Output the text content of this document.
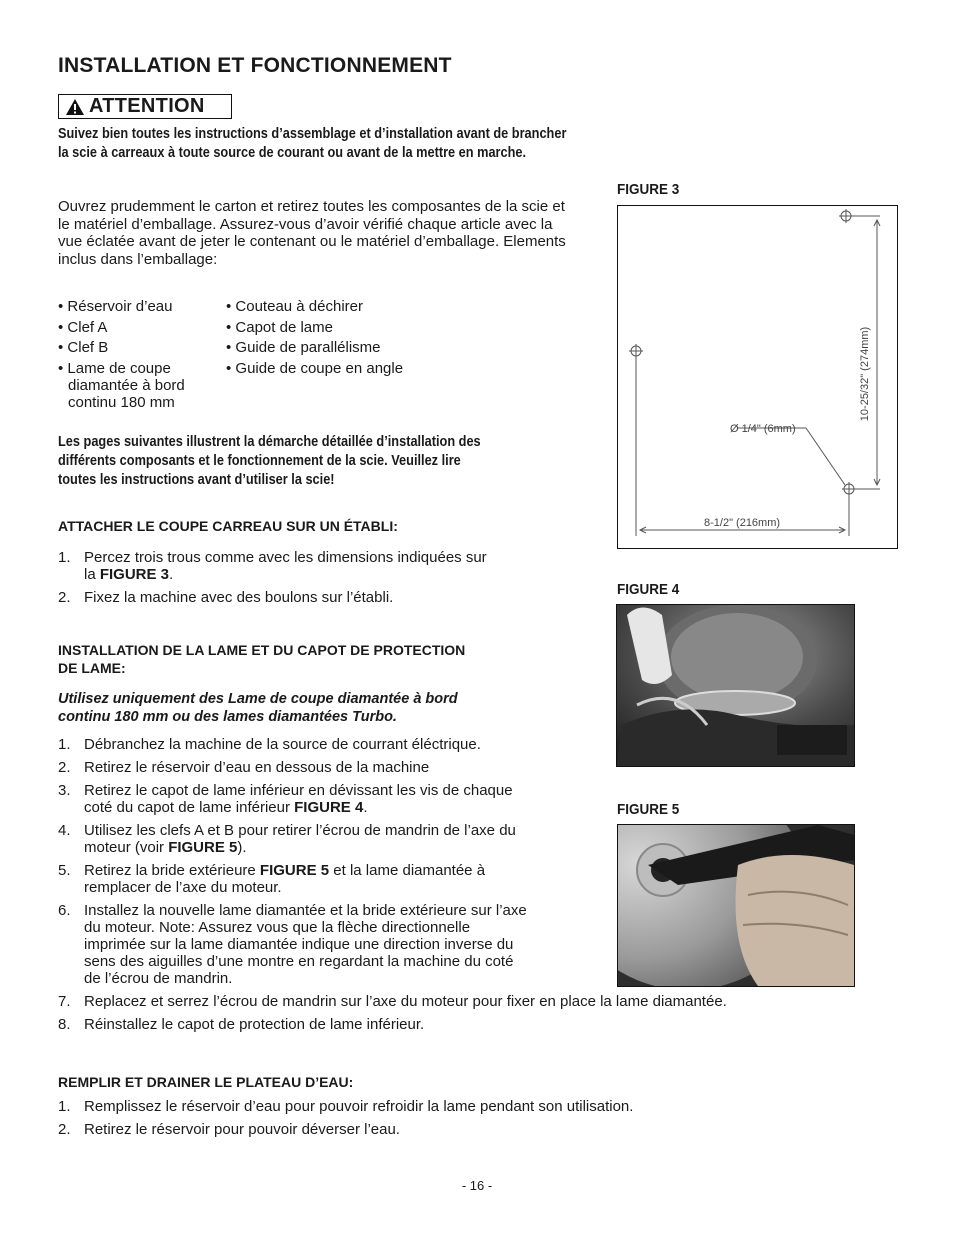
INSTALLATION ET FONCTIONNEMENT
ATTENTION
Suivez bien toutes les instructions d’assemblage et d’installation avant de brancher
la scie à carreaux à toute source de courant ou avant de la mettre en marche.
Ouvrez prudemment le carton et retirez toutes les composantes de la scie et le matériel d’emballage. Assurez-vous d’avoir vérifié chaque article avec la vue éclatée avant de jeter le contenant ou le matériel d’emballage. Elements inclus dans l’emballage:
• Réservoir d’eau
• Clef A
• Clef B
• Lame de coupe
diamantée à bord
continu 180 mm
• Couteau à déchirer
• Capot de lame
• Guide de parallélisme
• Guide de coupe en angle
Les pages suivantes illustrent la démarche détaillée d’installation des
différents composants et le fonctionnement de la scie. Veuillez lire
toutes les instructions avant d’utiliser la scie!
ATTACHER LE COUPE CARREAU SUR UN ÉTABLI:
1. Percez trois trous comme avec les dimensions indiquées sur
la FIGURE 3.
2. Fixez la machine avec des boulons sur l’établi.
INSTALLATION DE LA LAME ET DU CAPOT DE PROTECTION
DE LAME:
Utilisez uniquement des Lame de coupe diamantée à bord
continu 180 mm ou des lames diamantées Turbo.
1. Débranchez la machine de la source de courrant éléctrique.
2. Retirez le réservoir d’eau en dessous de la machine
3. Retirez le capot de lame inférieur en dévissant les vis de chaque
coté du capot de lame inférieur FIGURE 4.
4. Utilisez les clefs A et B pour retirer l’écrou de mandrin de l’axe du
moteur (voir FIGURE 5).
5. Retirez la bride extérieure FIGURE 5 et la lame diamantée à
remplacer de l’axe du moteur.
6. Installez la nouvelle lame diamantée et la bride extérieure sur l’axe
du moteur. Note: Assurez vous que la flèche directionnelle
imprimée sur la lame diamantée indique une direction inverse du
sens des aiguilles d’une montre en regardant la machine du coté
de l’écrou de mandrin.
7. Replacez et serrez l’écrou de mandrin sur l’axe du moteur pour fixer en place la lame diamantée.
8. Réinstallez le capot de protection de lame inférieur.
REMPLIR ET DRAINER LE PLATEAU D’EAU:
1. Remplissez le réservoir d’eau pour pouvoir refroidir la lame pendant son utilisation.
2. Retirez le réservoir pour pouvoir déverser l’eau.
FIGURE 3
10-25/32" (274mm)
Ø 1/4" (6mm)
8-1/2" (216mm)
FIGURE 4
FIGURE 5
- 16 -
